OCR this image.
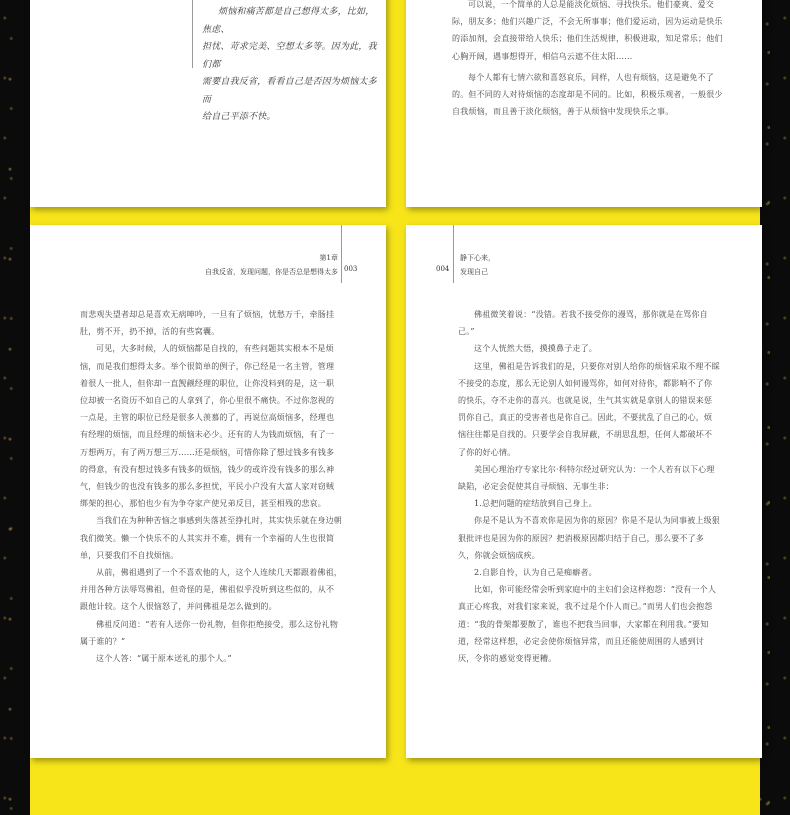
烦恼和痛苦都是自己想得太多，比如，焦虑、

担忧、苛求完美、空想太多等。因为此，我们都

需要自我反省，看看自己是否因为烦恼太多而

给自己平添不快。

可以说，一个简单的人总是能淡化烦恼、寻找快乐。他们豪爽、爱交际，朋友多；他们兴趣广泛，不会无所事事；他们爱运动，因为运动是快乐的添加剂，会直接带给人快乐；他们生活规律，积极进取，知足常乐；他们心胸开阔，遇事想得开，相信乌云遮不住太阳……

每个人都有七情六欲和喜怒哀乐，同样，人也有烦恼，这是避免不了的。但不同的人对待烦恼的态度却是不同的。比如，积极乐观者，一般很少自我烦恼，而且善于淡化烦恼，善于从烦恼中发现快乐之事。

第1章
自我反省，发现问题，你是否总是想得太多 003

而悲观失望者却总是喜欢无病呻吟，一旦有了烦恼，忧愁万千，牵肠挂肚，剪不开，扔不掉，活的有些窝囊。

可见，大多时候，人的烦恼都是自找的，有些问题其实根本不是烦恼，而是我们想得太多。举个很简单的例子，你已经是一名主管，管理着很人一批人，但你却一直觊觎经理的职位，让你没料到的是，这一职位却被一名资历不如自己的人拿到了，你心里很不痛快。不过你忽视的一点是，主管的职位已经是很多人羡慕的了，再说位高烦恼多，经理也有经理的烦恼，而且经理的烦恼未必少。还有的人为钱而烦恼，有了一万想两万，有了两万想三万……还是烦恼，可惜你除了想过钱多有钱多的得意，有没有想过钱多有钱多的烦恼，钱少的或许没有钱多的那么神气，但钱少的也没有钱多的那么多担忧，平民小户没有大富人家对窃贼绑架的担心，那怕也少有为争夺家产使兄弟反目，甚至相残的悲哀。

当我们在为种种苦恼之事感到失落甚至挣扎时，其实快乐就在身边朝我们微笑。懒一个快乐不的人其实并不难，拥有一个幸福的人生也很简单，只要我们不自找烦恼。

从前，佛祖遇到了一个不喜欢他的人，这个人连续几天都跟着佛祖，并用各种方法辱骂佛祖，但奇怪的是，佛祖似乎没听到这些似的，从不跟他计较。这个人很恼怒了，并问佛祖是怎么做到的。

佛祖反问道：“若有人送你一份礼物，但你拒绝接受，那么这份礼物属于谁的？”

这个人答：“属于原本送礼的那个人。”

004
静下心来，
发现自己

佛祖微笑着说：“没错。若我不接受你的漫骂，那你就是在骂你自己。”

这个人恍然大悟，摸摸鼻子走了。

这里，佛祖是告诉我们的是，只要你对别人给你的烦恼采取不理不睬不接受的态度，那么无论别人如何谩骂你，如何对待你，都影响不了你的快乐，夺不走你的喜兴。也就是说，生气其实就是拿别人的错误来惩罚你自己，真正的受害者也是你自己。因此，不要扰乱了自己的心，烦恼往往都是自找的。只要学会自我屏蔽，不胡思乱想，任何人都破坏不了你的好心情。

美国心理治疗专家比尔·科特尔经过研究认为：一个人若有以下心理缺陷，必定会促使其自寻烦恼、无事生非：

1.总把问题的症结放到自己身上。

你是不是认为不喜欢你是因为你的原因？你是不是认为同事被上级狠狠批评也是因为你的原因？把消极原因都归结于自己，那么要不了多久，你就会烦恼成疾。

2.自影自怜，认为自己是痴癖者。

比如，你可能经常会听到家庭中的主妇们会这样抱怨：“没有一个人真正心疼我，对我们家来说，我不过是个仆人而已。”而男人们也会抱怨道：“我的骨架都要散了，谁也不把我当回事，大家都在利用我。”要知道，经常这样想，必定会使你烦恼异常，而且还能使周围的人感到讨厌，令你的感觉变得更糟。
